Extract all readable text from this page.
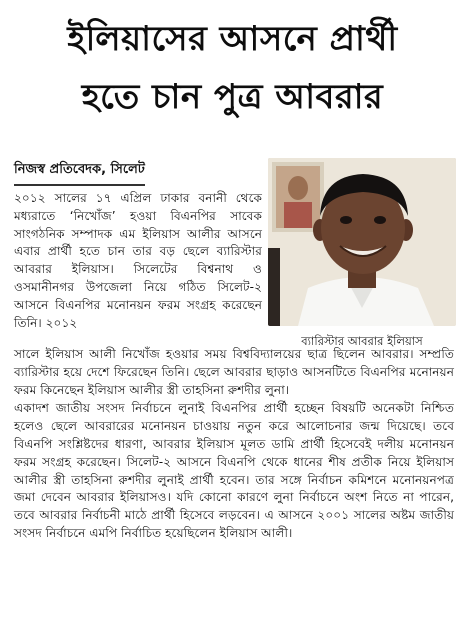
ইলিয়াসের আসনে প্রার্থী
হতে চান পুত্র আবরার
নিজস্ব প্রতিবেদক, সিলেট

২০১২ সালের ১৭ এপ্রিল ঢাকার বনানী থেকে মধ্যরাতে ‘নিখোঁজ’ হওয়া বিএনপির সাবেক সাংগঠনিক সম্পাদক এম ইলিয়াস আলীর আসনে এবার প্রার্থী হতে চান তার বড় ছেলে ব্যারিস্টার আবরার ইলিয়াস। সিলেটের বিশ্বনাথ ও ওসমানীনগর উপজেলা নিয়ে গঠিত সিলেট-২ আসনে বিএনপির মনোনয়ন ফরম সংগ্রহ করেছেন তিনি। ২০১২

ব্যারিস্টার আবরার ইলিয়াস

সালে ইলিয়াস আলী নিখোঁজ হওয়ার সময় বিশ্ববিদ্যালয়ের ছাত্র ছিলেন আবরার। সম্প্রতি ব্যারিস্টার হয়ে দেশে ফিরেছেন তিনি। ছেলে আবরার ছাড়াও আসনটিতে বিএনপির মনোনয়ন ফরম কিনেছেন ইলিয়াস আলীর স্ত্রী তাহসিনা রুশদীর লুনা।

একাদশ জাতীয় সংসদ নির্বাচনে লুনাই বিএনপির প্রার্থী হচ্ছেন বিষয়টি অনেকটা নিশ্চিত হলেও ছেলে আবরারের মনোনয়ন চাওয়ায় নতুন করে আলোচনার জন্ম দিয়েছে। তবে বিএনপি সংশ্লিষ্টদের ধারণা, আবরার ইলিয়াস মূলত ডামি প্রার্থী হিসেবেই দলীয় মনোনয়ন ফরম সংগ্রহ করেছেন। সিলেট-২ আসনে বিএনপি থেকে ধানের শীষ প্রতীক নিয়ে ইলিয়াস আলীর স্ত্রী তাহসিনা রুশদীর লুনাই প্রার্থী হবেন। তার সঙ্গে নির্বাচন কমিশনে মনোনয়নপত্র জমা দেবেন আবরার ইলিয়াসও। যদি কোনো কারণে লুনা নির্বাচনে অংশ নিতে না পারেন, তবে আবরার নির্বাচনী মাঠে প্রার্থী হিসেবে লড়বেন। এ আসনে ২০০১ সালের অষ্টম জাতীয় সংসদ নির্বাচনে এমপি নির্বাচিত হয়েছিলেন ইলিয়াস আলী।
